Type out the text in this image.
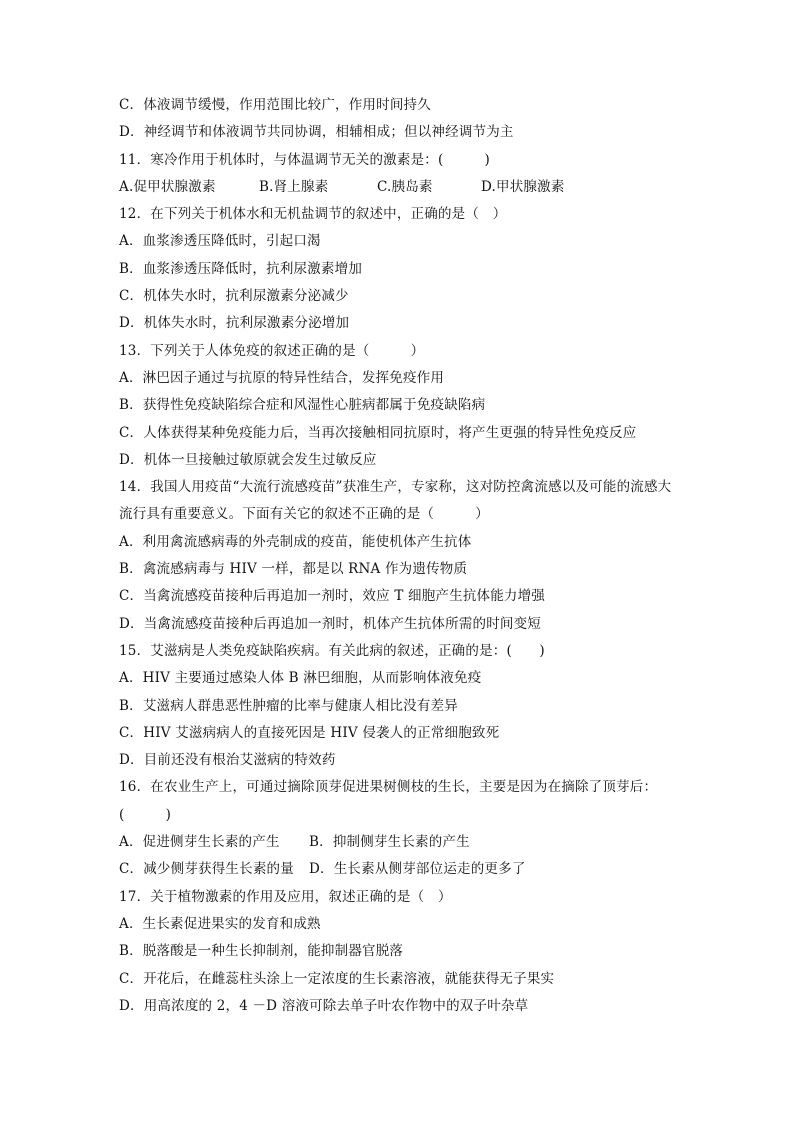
C．体液调节缓慢，作用范围比较广，作用时间持久
D．神经调节和体液调节共同协调，相辅相成；但以神经调节为主
11．寒冷作用于机体时，与体温调节无关的激素是：(　　　)
A.促甲状腺激素	B.肾上腺素	C.胰岛素	D.甲状腺激素
12．在下列关于机体水和无机盐调节的叙述中，正确的是（　）
A．血浆渗透压降低时，引起口渴
B．血浆渗透压降低时，抗利尿激素增加
C．机体失水时，抗利尿激素分泌减少
D．机体失水时，抗利尿激素分泌增加
13．下列关于人体免疫的叙述正确的是（　　　）
A．淋巴因子通过与抗原的特异性结合，发挥免疫作用
B．获得性免疫缺陷综合症和风湿性心脏病都属于免疫缺陷病
C．人体获得某种免疫能力后，当再次接触相同抗原时，将产生更强的特异性免疫反应
D．机体一旦接触过敏原就会发生过敏反应
14．我国人用疫苗“大流行流感疫苗”获准生产，专家称，这对防控禽流感以及可能的流感大
流行具有重要意义。下面有关它的叙述不正确的是（　　　）
A．利用禽流感病毒的外壳制成的疫苗，能使机体产生抗体
B．禽流感病毒与 HIV 一样，都是以 RNA 作为遗传物质
C．当禽流感疫苗接种后再追加一剂时，效应 T 细胞产生抗体能力增强
D．当禽流感疫苗接种后再追加一剂时，机体产生抗体所需的时间变短
15．艾滋病是人类免疫缺陷疾病。有关此病的叙述，正确的是：(　　)
A．HIV 主要通过感染人体 B 淋巴细胞，从而影响体液免疫
B．艾滋病人群患恶性肿瘤的比率与健康人相比没有差异
C．HIV 艾滋病病人的直接死因是 HIV 侵袭人的正常细胞致死
D．目前还没有根治艾滋病的特效药
16．在农业生产上，可通过摘除顶芽促进果树侧枝的生长，主要是因为在摘除了顶芽后：
(　　　)
A．促进侧芽生长素的产生	B．抑制侧芽生长素的产生
C．减少侧芽获得生长素的量	D．生长素从侧芽部位运走的更多了
17．关于植物激素的作用及应用，叙述正确的是（　）
A．生长素促进果实的发育和成熟
B．脱落酸是一种生长抑制剂，能抑制器官脱落
C．开花后，在雌蕊柱头涂上一定浓度的生长素溶液，就能获得无子果实
D．用高浓度的 2，4 －D 溶液可除去单子叶农作物中的双子叶杂草
